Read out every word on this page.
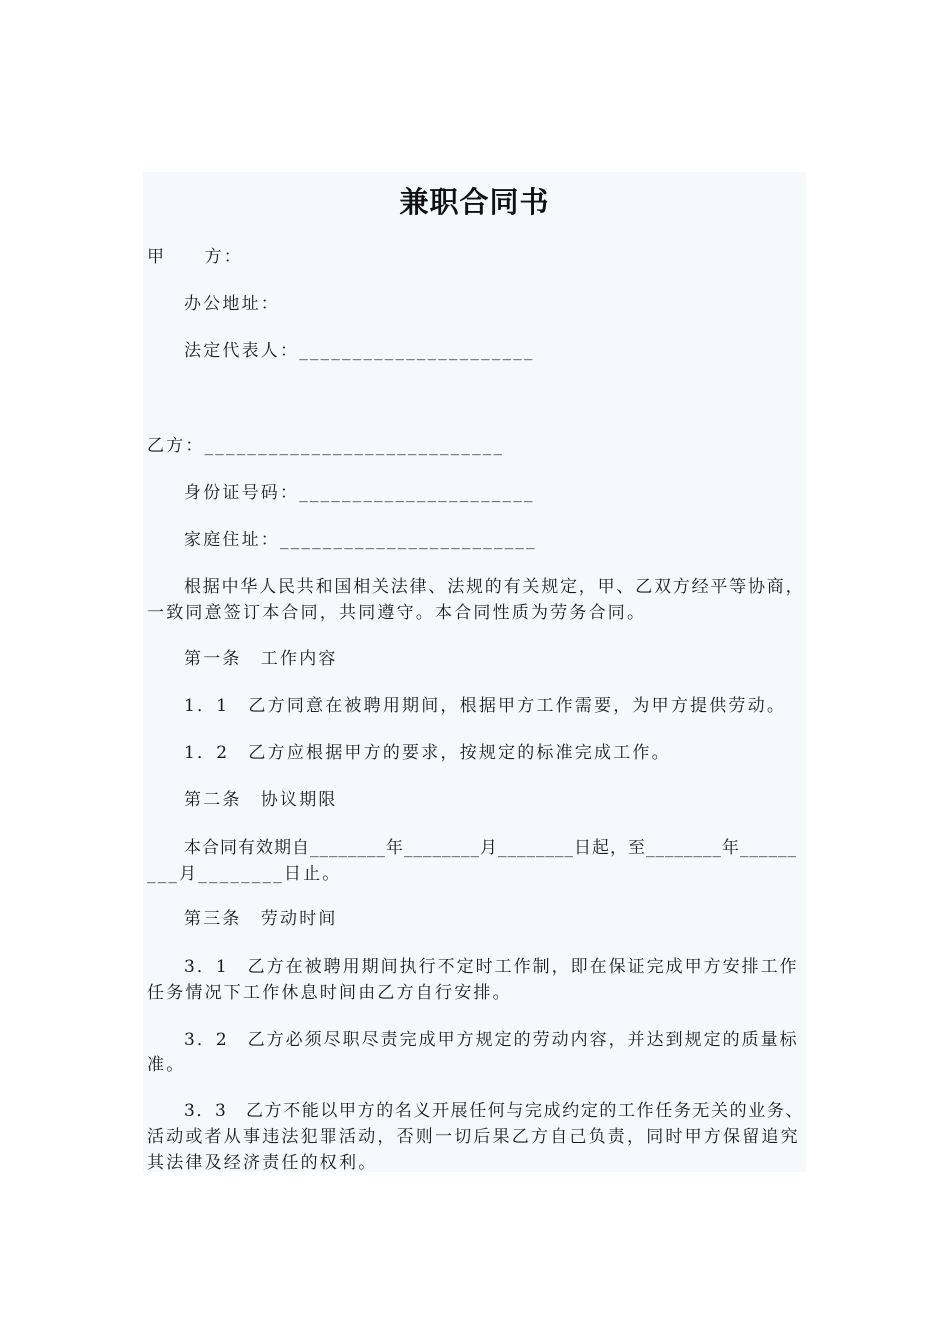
兼职合同书
甲　　方：
办公地址：
法定代表人：______________________
乙方：____________________________
身份证号码：______________________
家庭住址：________________________
根据中华人民共和国相关法律、法规的有关规定，甲、乙双方经平等协商，
一致同意签订本合同，共同遵守。本合同性质为劳务合同。
第一条　工作内容
1．1　乙方同意在被聘用期间，根据甲方工作需要，为甲方提供劳动。
1．2　乙方应根据甲方的要求，按规定的标准完成工作。
第二条　协议期限
本合同有效期自________年________月________日起，至________年______
___月________日止。
第三条　劳动时间
3．1　乙方在被聘用期间执行不定时工作制，即在保证完成甲方安排工作
任务情况下工作休息时间由乙方自行安排。
3．2　乙方必须尽职尽责完成甲方规定的劳动内容，并达到规定的质量标
准。
3．3　乙方不能以甲方的名义开展任何与完成约定的工作任务无关的业务、
活动或者从事违法犯罪活动，否则一切后果乙方自己负责，同时甲方保留追究
其法律及经济责任的权利。
